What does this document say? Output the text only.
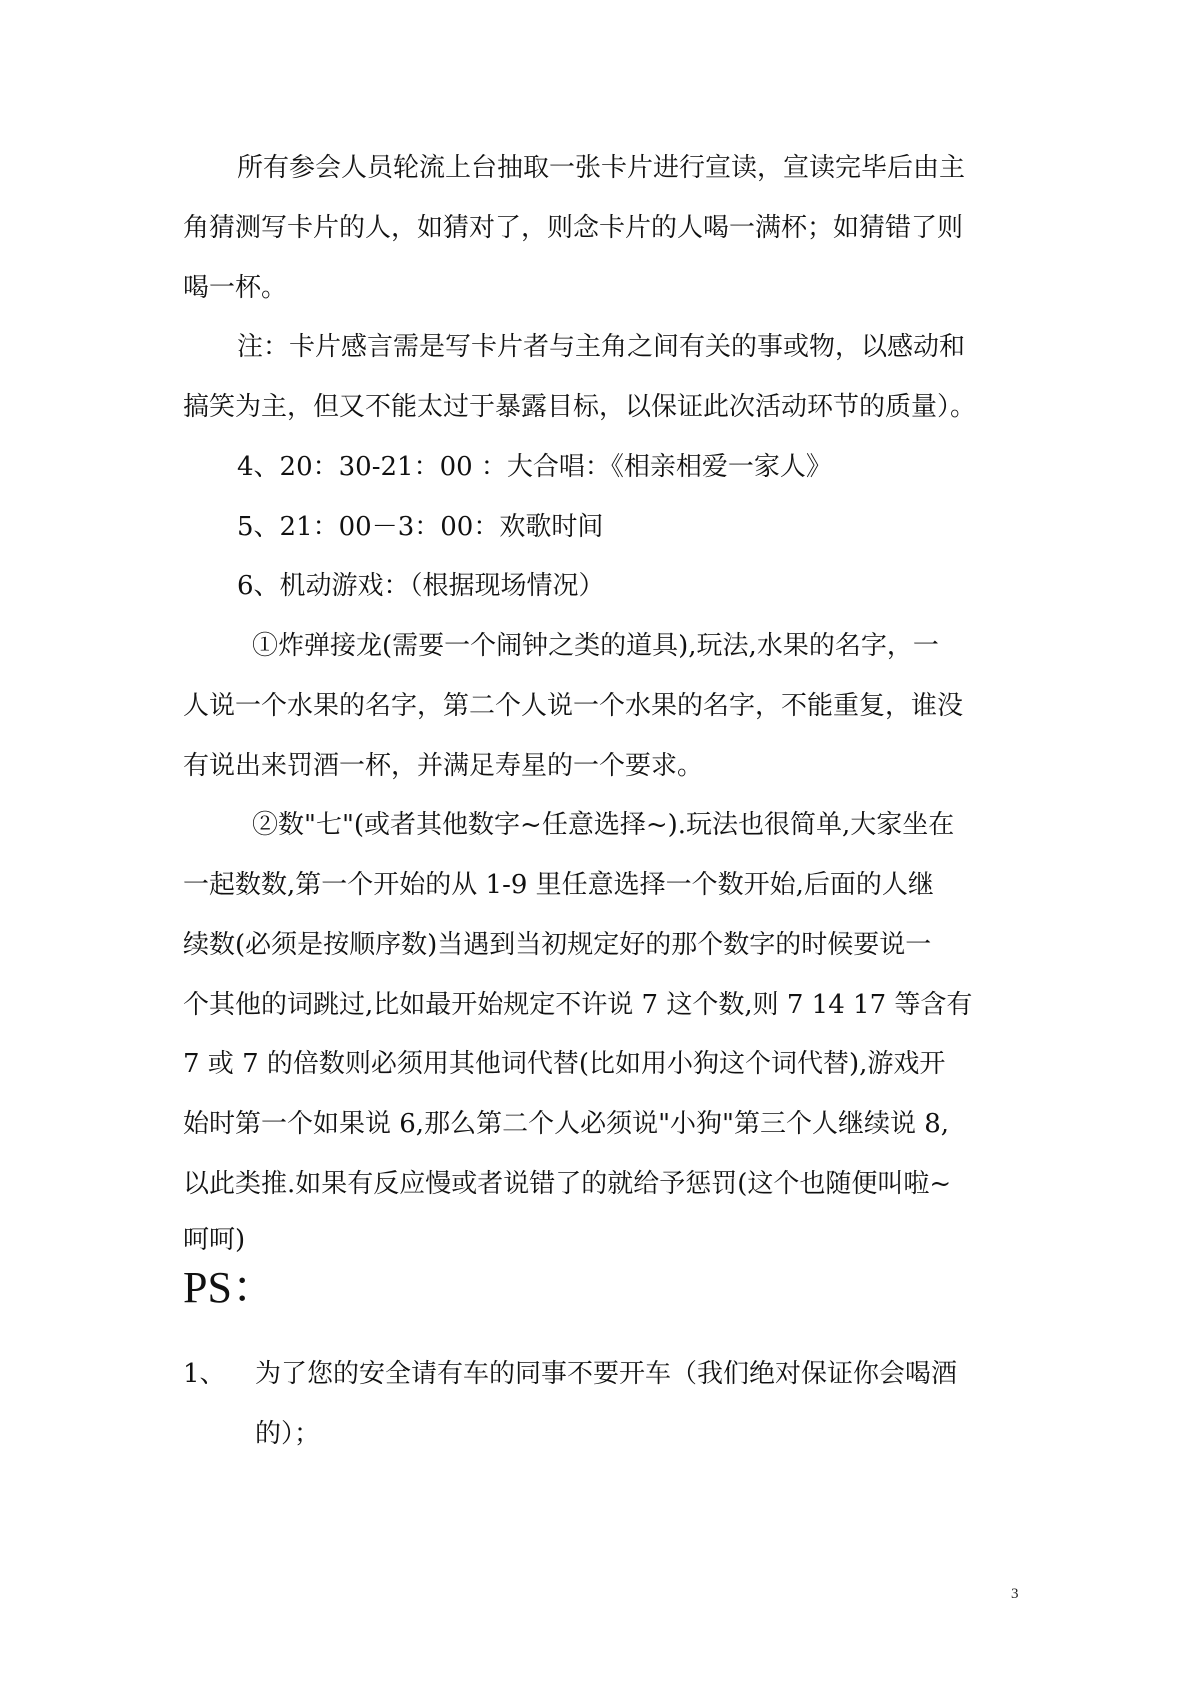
所有参会人员轮流上台抽取一张卡片进行宣读，宣读完毕后由主
角猜测写卡片的人，如猜对了，则念卡片的人喝一满杯；如猜错了则
喝一杯。
注：卡片感言需是写卡片者与主角之间有关的事或物，以感动和
搞笑为主，但又不能太过于暴露目标，以保证此次活动环节的质量）。
4、20：30-21：00 ：大合唱：《相亲相爱一家人》
5、21：00－3：00：欢歌时间
6、机动游戏：（根据现场情况）
①炸弹接龙(需要一个闹钟之类的道具),玩法,水果的名字，一
人说一个水果的名字，第二个人说一个水果的名字，不能重复，谁没
有说出来罚酒一杯，并满足寿星的一个要求。
②数"七"(或者其他数字~任意选择~).玩法也很简单,大家坐在
一起数数,第一个开始的从 1-9 里任意选择一个数开始,后面的人继
续数(必须是按顺序数)当遇到当初规定好的那个数字的时候要说一
个其他的词跳过,比如最开始规定不许说 7 这个数,则 7 14 17 等含有
7 或 7 的倍数则必须用其他词代替(比如用小狗这个词代替),游戏开
始时第一个如果说 6,那么第二个人必须说"小狗"第三个人继续说 8,
以此类推.如果有反应慢或者说错了的就给予惩罚(这个也随便叫啦~
呵呵)
PS：
1、 为了您的安全请有车的同事不要开车（我们绝对保证你会喝酒
的）；
3
